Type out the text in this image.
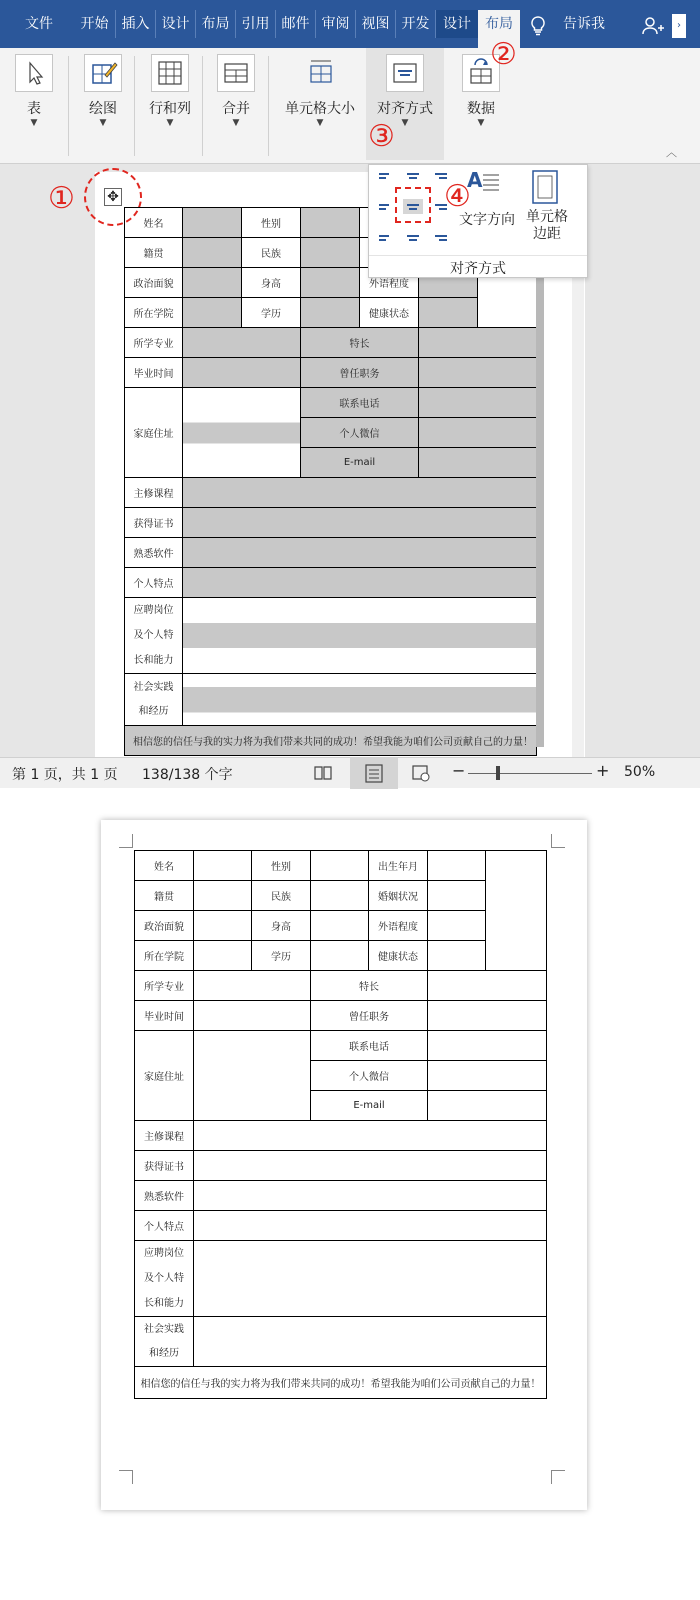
文件	开始 插入 设计 布局 引用 邮件 审阅 视图 开发 设计	布局	告诉我	›
表
▼
绘图
▼
行和列
▼
合并
▼
单元格大小
▼
对齐方式
▼
数据
▼
︿
✥
姓名		性别				
籍贯		民族			
政治面貌		身高		外语程度		
所在学院		学历		健康状态		
所学专业			特长			
毕业时间			曾任职务			
家庭住址			联系电话			
			个人微信			
			E-mail			
主修课程						
获得证书						
熟悉软件						
个人特点						
应聘岗位
及个人特
长和能力						
社会实践
和经历						
相信您的信任与我的实力将为我们带来共同的成功！希望我能为咱们公司贡献自己的力量！						
A
文字方向 单元格
边距
对齐方式
①
②
③
④
第 1 页，共 1 页 138/138 个字	−	+ 50%
姓名		性别		出生年月		
籍贯		民族		婚姻状况		
政治面貌		身高		外语程度		
所在学院		学历		健康状态		
所学专业			特长			
毕业时间			曾任职务			
家庭住址			联系电话			
			个人微信			
			E-mail			
主修课程						
获得证书						
熟悉软件						
个人特点						
应聘岗位
及个人特
长和能力						
社会实践
和经历						
相信您的信任与我的实力将为我们带来共同的成功！希望我能为咱们公司贡献自己的力量！						
